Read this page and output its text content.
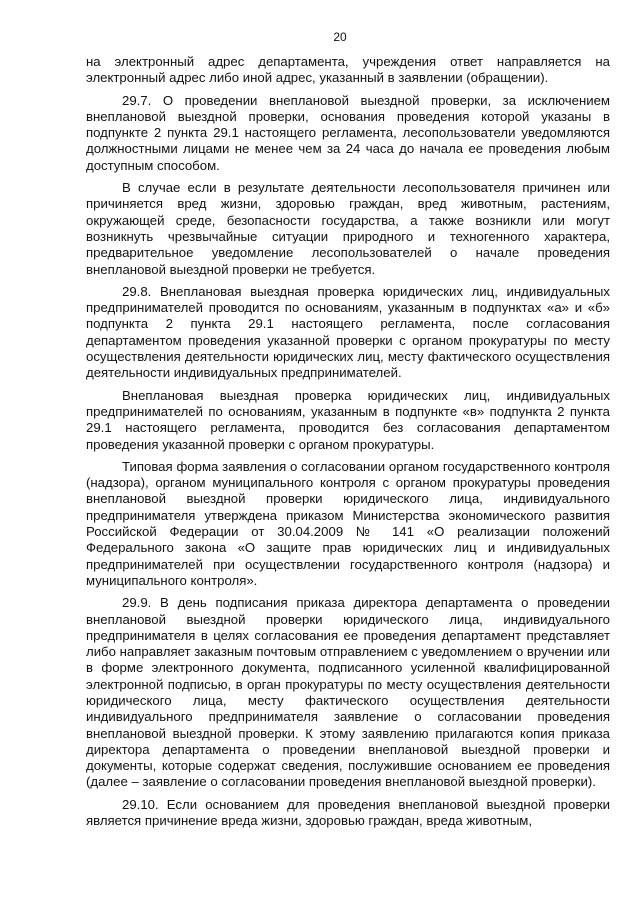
20

на электронный адрес департамента, учреждения ответ направляется на электронный адрес либо иной адрес, указанный в заявлении (обращении).

29.7. О проведении внеплановой выездной проверки, за исключением внеплановой выездной проверки, основания проведения которой указаны в подпункте 2 пункта 29.1 настоящего регламента, лесопользователи уведомляются должностными лицами не менее чем за 24 часа до начала ее проведения любым доступным способом.

В случае если в результате деятельности лесопользователя причинен или причиняется вред жизни, здоровью граждан, вред животным, растениям, окружающей среде, безопасности государства, а также возникли или могут возникнуть чрезвычайные ситуации природного и техногенного характера, предварительное уведомление лесопользователей о начале проведения внеплановой выездной проверки не требуется.

29.8. Внеплановая выездная проверка юридических лиц, индивидуальных предпринимателей проводится по основаниям, указанным в подпунктах «а» и «б» подпункта 2 пункта 29.1 настоящего регламента, после согласования департаментом проведения указанной проверки с органом прокуратуры по месту осуществления деятельности юридических лиц, месту фактического осуществления деятельности индивидуальных предпринимателей.

Внеплановая выездная проверка юридических лиц, индивидуальных предпринимателей по основаниям, указанным в подпункте «в» подпункта 2 пункта 29.1 настоящего регламента, проводится без согласования департаментом проведения указанной проверки с органом прокуратуры.

Типовая форма заявления о согласовании органом государственного контроля (надзора), органом муниципального контроля с органом прокуратуры проведения внеплановой выездной проверки юридического лица, индивидуального предпринимателя утверждена приказом Министерства экономического развития Российской Федерации от 30.04.2009 № 141 «О реализации положений Федерального закона «О защите прав юридических лиц и индивидуальных предпринимателей при осуществлении государственного контроля (надзора) и муниципального контроля».

29.9. В день подписания приказа директора департамента о проведении внеплановой выездной проверки юридического лица, индивидуального предпринимателя в целях согласования ее проведения департамент представляет либо направляет заказным почтовым отправлением с уведомлением о вручении или в форме электронного документа, подписанного усиленной квалифицированной электронной подписью, в орган прокуратуры по месту осуществления деятельности юридического лица, месту фактического осуществления деятельности индивидуального предпринимателя заявление о согласовании проведения внеплановой выездной проверки. К этому заявлению прилагаются копия приказа директора департамента о проведении внеплановой выездной проверки и документы, которые содержат сведения, послужившие основанием ее проведения (далее – заявление о согласовании проведения внеплановой выездной проверки).

29.10. Если основанием для проведения внеплановой выездной проверки является причинение вреда жизни, здоровью граждан, вреда животным,
